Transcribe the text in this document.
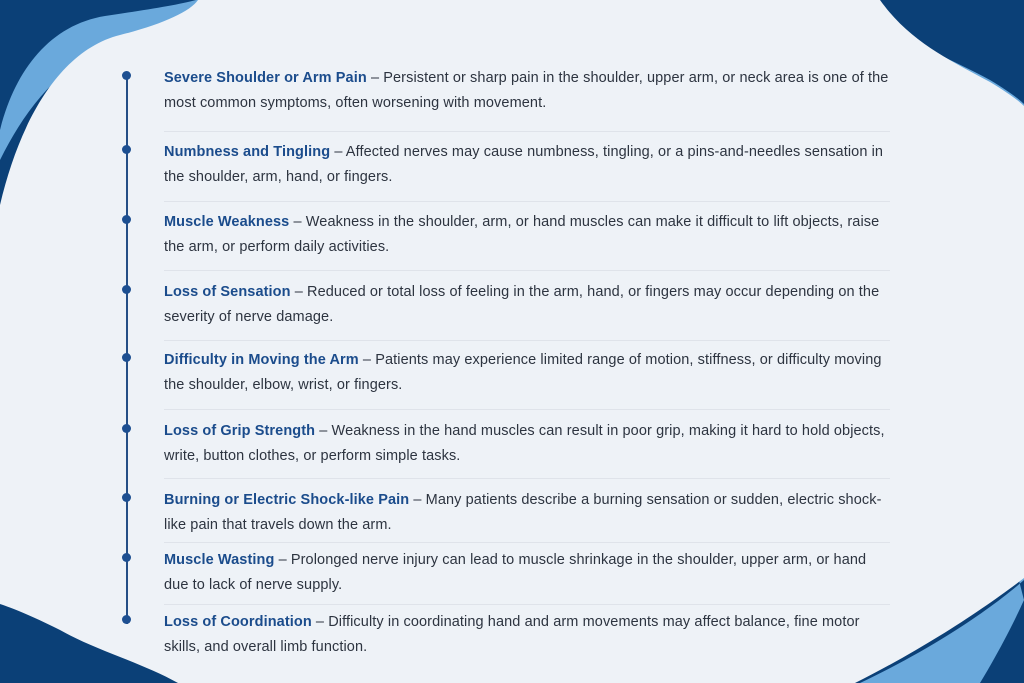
Severe Shoulder or Arm Pain – Persistent or sharp pain in the shoulder, upper arm, or neck area is one of the most common symptoms, often worsening with movement.

Numbness and Tingling – Affected nerves may cause numbness, tingling, or a pins-and-needles sensation in the shoulder, arm, hand, or fingers.

Muscle Weakness – Weakness in the shoulder, arm, or hand muscles can make it difficult to lift objects, raise the arm, or perform daily activities.

Loss of Sensation – Reduced or total loss of feeling in the arm, hand, or fingers may occur depending on the severity of nerve damage.

Difficulty in Moving the Arm – Patients may experience limited range of motion, stiffness, or difficulty moving the shoulder, elbow, wrist, or fingers.

Loss of Grip Strength – Weakness in the hand muscles can result in poor grip, making it hard to hold objects, write, button clothes, or perform simple tasks.

Burning or Electric Shock-like Pain – Many patients describe a burning sensation or sudden, electric shock-like pain that travels down the arm.

Muscle Wasting – Prolonged nerve injury can lead to muscle shrinkage in the shoulder, upper arm, or hand due to lack of nerve supply.

Loss of Coordination – Difficulty in coordinating hand and arm movements may affect balance, fine motor skills, and overall limb function.
